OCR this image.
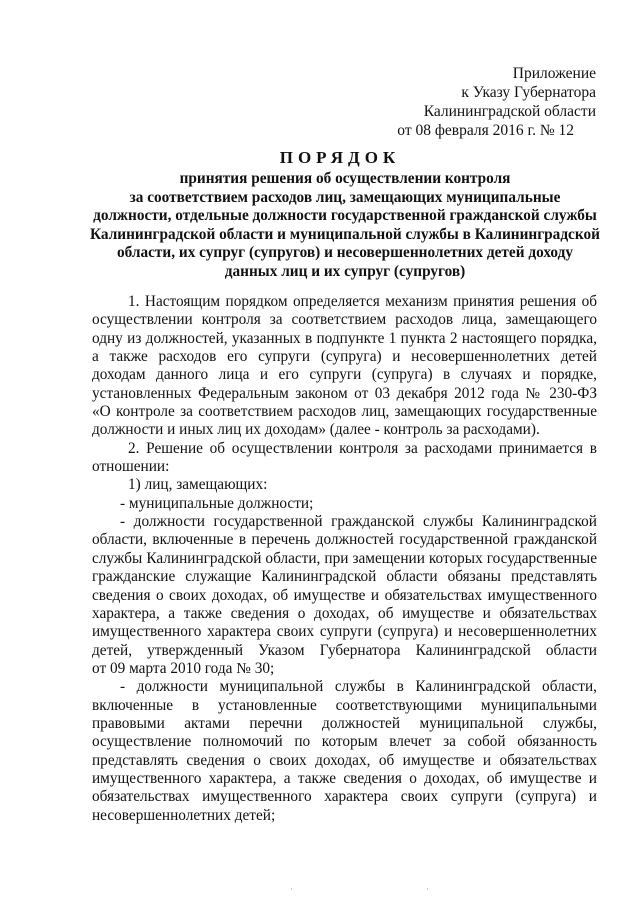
Приложение
к Указу Губернатора
Калининградской области
от 08 февраля 2016 г. № 12
ПОРЯДОК
принятия решения об осуществлении контроля
за соответствием расходов лиц, замещающих муниципальные
должности, отдельные должности государственной гражданской службы
Калининградской области и муниципальной службы в Калининградской
области, их супруг (супругов) и несовершеннолетних детей доходу
данных лиц и их супруг (супругов)
1. Настоящим порядком определяется механизм принятия решения об
осуществлении контроля за соответствием расходов лица, замещающего
одну из должностей, указанных в подпункте 1 пункта 2 настоящего порядка,
а также расходов его супруги (супруга) и несовершеннолетних детей
доходам данного лица и его супруги (супруга) в случаях и порядке,
установленных Федеральным законом от 03 декабря 2012 года № 230-ФЗ
«О контроле за соответствием расходов лиц, замещающих государственные
должности и иных лиц их доходам» (далее - контроль за расходами).
2. Решение об осуществлении контроля за расходами принимается в
отношении:
1) лиц, замещающих:
- муниципальные должности;
- должности государственной гражданской службы Калининградской
области, включенные в перечень должностей государственной гражданской
службы Калининградской области, при замещении которых государственные
гражданские служащие Калининградской области обязаны представлять
сведения о своих доходах, об имуществе и обязательствах имущественного
характера, а также сведения о доходах, об имуществе и обязательствах
имущественного характера своих супруги (супруга) и несовершеннолетних
детей, утвержденный Указом Губернатора Калининградской области
от 09 марта 2010 года № 30;
- должности муниципальной службы в Калининградской области,
включенные в установленные соответствующими муниципальными
правовыми актами перечни должностей муниципальной службы,
осуществление полномочий по которым влечет за собой обязанность
представлять сведения о своих доходах, об имуществе и обязательствах
имущественного характера, а также сведения о доходах, об имуществе и
обязательствах имущественного характера своих супруги (супруга) и
несовершеннолетних детей;
·	·
